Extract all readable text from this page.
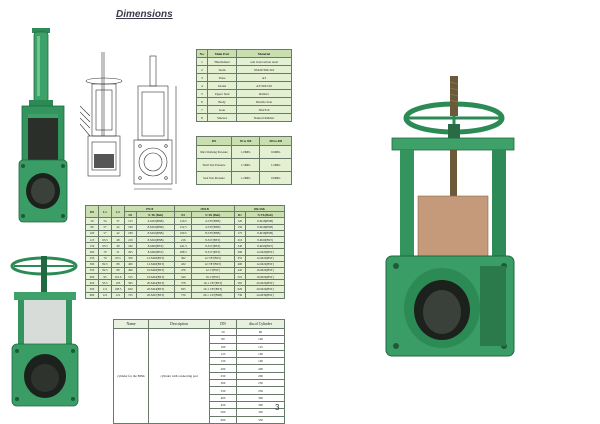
Dimensions
No.	Main Part	Material
1	Handwheel	cast iron/carbon steel
2	Stem	SS420/304/316
3	Yoke	A3
4	Gland	A3/304/316
5	Upper Seal	Rubber
6	Body	Ductile Iron
7	Gate	304/316
8	Sleeves	Natural Rubber
DN	50 to 300	350 to 600
Max.Working Pressure	1.0MPa	0.6MPa
Shell Test Pressure	1.5MPa	1.0MPa
Seal Test Pressure	1.2MPa	0.6MPa
DN	L1	L2	PN10		150LB		10K/16K	
			D1	N-Th (Bolt)	D1	N-Th (Bolt)	D1	N-Th (Bolt)
50	54	37	125	4-M16(BSB)	120.5	4-5/8"(BSB)	120	8-M16(BSB)
80	57	42	160	8-M16(BSB)	152.5	4-5/8"(BSB)	150	8-M16(BSB)
100	57	42	180	8-M16(BSB)	190.5	8-5/8"(BSB)	175	8-M16(BSB)
125	63.5	48	210	8-M16(BSB)	216	8-3/4"(BST)	210	8-M20(BST)
150	63.5	48	240	8-M20(BST)	241.3	8-3/4"(BST)	240	8-M20(BST)
200	70	51	295	8-M20(BST)	298.5	8-3/4"(BST)	290	12-M20(BST)
250	70	63.5	350	12-M20(BST)	362	12-7/8"(BST)	355	12-M22(BST)
300	82.5	89	400	12-M20(BST)	432	12-7/8"(BST)	400	12-M22(BST)
350	82.5	89	460	16-M20(BST)	476	12-1"(BST)	445	16-M22(BST)
400	95	101.6	515	16-M24(BST)	540	16-1"(BST)	510	16-M24(BST)
450	95.5	103	565	20-M24(BST)	578	16-1 1/8"(BST)	565	20-M24(BST)
500	111	108.5	620	20-M24(BST)	635	20-1 1/8"(BST)	620	20-M24(BST)
600	121	121	725	20-M27(BST)	750	20-1 1/4"(BSB)	730	24-M30(BST)
Name	Description	DN	dia.of Cylinder
cylinder for the BISK	cylinder with connecting pad	50	80
		80	100
		100	125
		125	160
		150	160
		200	200
		250	200
		300	250
		350	250
		400	300
		450	300
		500	320
		600	350
3
